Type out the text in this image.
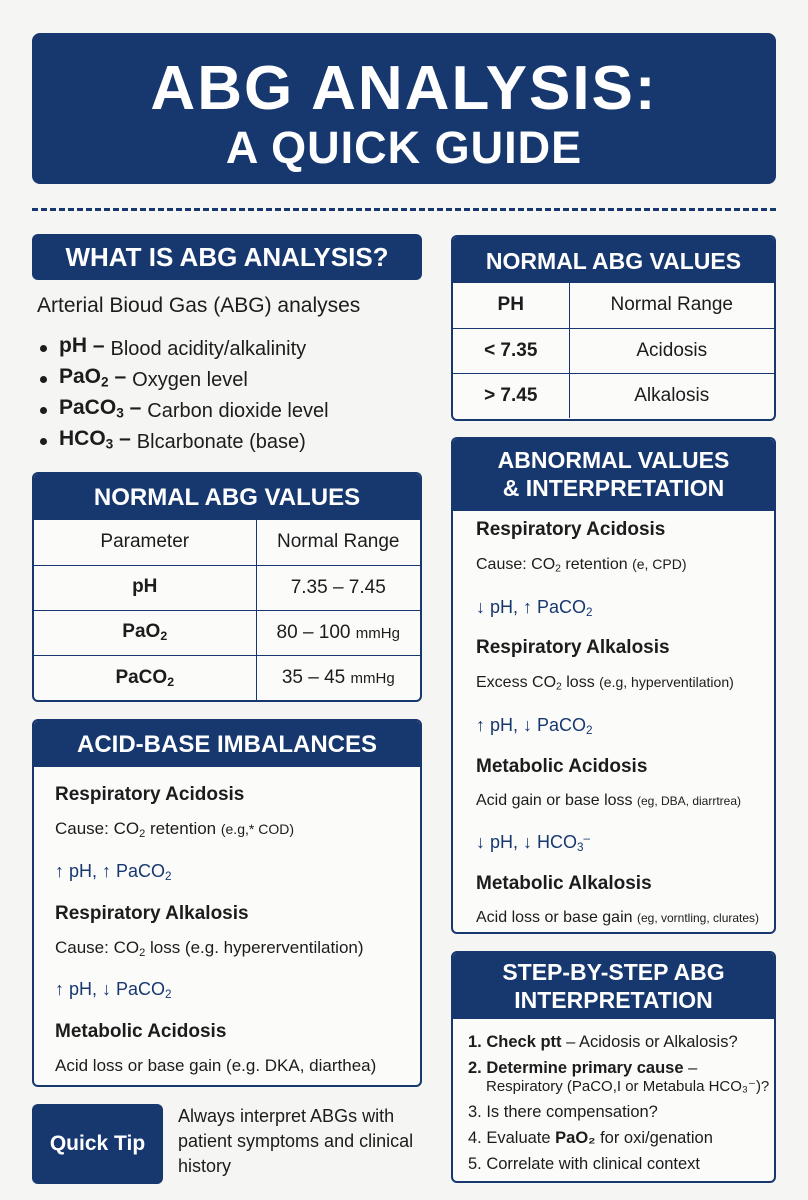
ABG ANALYSIS:
A QUICK GUIDE
WHAT IS ABG ANALYSIS?
Arterial Bioud Gas (ABG) analyses
pH – Blood acidity/alkalinity
PaO$_2$ – Oxygen level
PaCO$_3$ – Carbon dioxide level
$HCO_3$ – Blcarbonate (base)
NORMAL ABG VALUES
Parameter	Normal Range
pH	7.35 – 7.45
PaO$_2$	80 – 100 mmHg
PaCO$_2$	35 – 45 mmHg
NORMAL ABG VALUES
PH	Normal Range
< 7.35	Acidosis
> 7.45	Alkalosis
ACID-BASE IMBALANCES
Respiratory Acidosis
Cause: $CO_2$ retention (e.g,* COD)
↑ pH, ↑ PaCO$_2$
Respiratory Alkalosis
Cause: $CO_2$ loss (e.g. hypererventilation)
↑ pH, ↓ PaCO$_2$
Metabolic Acidosis
Acid loss or base gain (e.g. DKA, diarthea)
ABNORMAL VALUES
& INTERPRETATION
Respiratory Acidosis
Cause: $CO_2$ retention (e, CPD)
↓ pH, ↑ PaCO$_2$
Respiratory Alkalosis
Excess $CO_2$ loss (e.g, hyperventilation)
↑ pH, ↓ PaCO$_2$
Metabolic Acidosis
Acid gain or base loss (eg, DBA, diarrtrea)
↓ pH, ↓ $HCO_3^-$
Metabolic Alkalosis
Acid loss or base gain (eg, vorntling, clurates)
STEP-BY-STEP ABG
INTERPRETATION
1. Check ptt – Acidosis or Alkalosis?
2. Determine primary cause –
Respiratory (PaCO,I or Metabula HCO₃⁻)?
3. Is there compensation?
4. Evaluate PaO₂ for oxi/genation
5. Correlate with clinical context
Quick Tip
Always interpret ABGs with patient symptoms and clinical history
